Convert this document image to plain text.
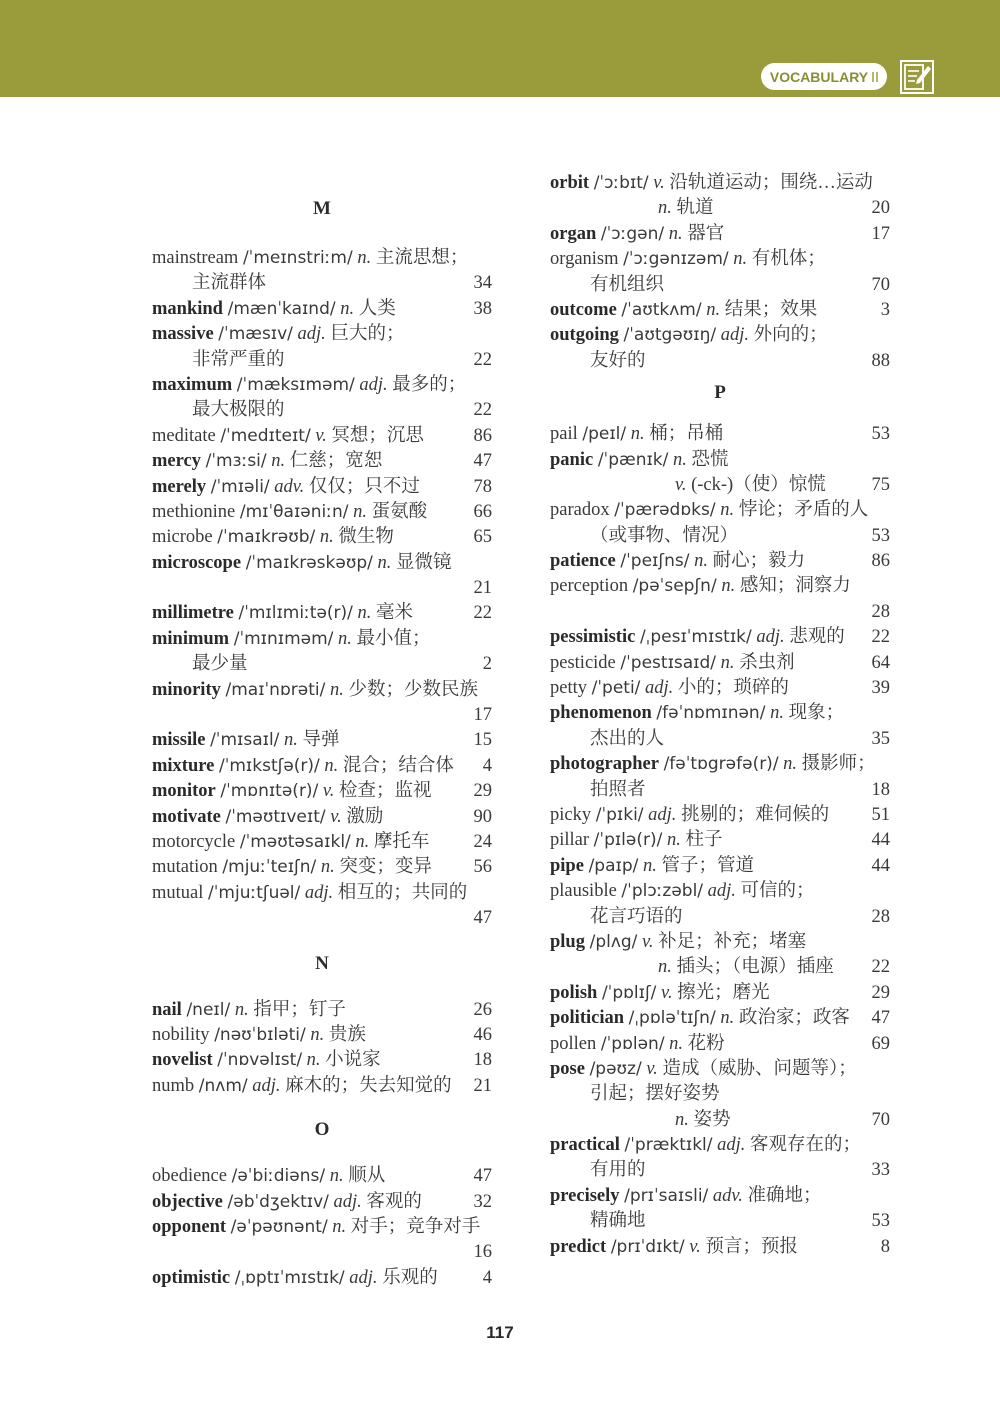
VOCABULARY
M
mainstream /ˈmeɪnstriːm/ n. 主流思想；
主流群体	34
mankind /mænˈkaɪnd/ n. 人类	38
massive /ˈmæsɪv/ adj. 巨大的；
非常严重的	22
maximum /ˈmæksɪməm/ adj. 最多的；
最大极限的	22
meditate /ˈmedɪteɪt/ v. 冥想；沉思	86
mercy /ˈmɜːsi/ n. 仁慈；宽恕	47
merely /ˈmɪəli/ adv. 仅仅；只不过	78
methionine /mɪˈθaɪəniːn/ n. 蛋氨酸	66
microbe /ˈmaɪkrəʊb/ n. 微生物	65
microscope /ˈmaɪkrəskəʊp/ n. 显微镜
21
millimetre /ˈmɪlɪmiːtə(r)/ n. 毫米	22
minimum /ˈmɪnɪməm/ n. 最小值；
最少量	2
minority /maɪˈnɒrəti/ n. 少数；少数民族
17
missile /ˈmɪsaɪl/ n. 导弹	15
mixture /ˈmɪkstʃə(r)/ n. 混合；结合体 4
monitor /ˈmɒnɪtə(r)/ v. 检查；监视 29
motivate /ˈməʊtɪveɪt/ v. 激励	90
motorcycle /ˈməʊtəsaɪkl/ n. 摩托车 24
mutation /mjuːˈteɪʃn/ n. 突变；变异 56
mutual /ˈmjuːtʃuəl/ adj. 相互的；共同的
47
N
nail /neɪl/ n. 指甲；钉子	26
nobility /nəʊˈbɪləti/ n. 贵族	46
novelist /ˈnɒvəlɪst/ n. 小说家	18
numb /nʌm/ adj. 麻木的；失去知觉的 21
O
obedience /əˈbiːdiəns/ n. 顺从	47
objective /əbˈdʒektɪv/ adj. 客观的	32
opponent /əˈpəʊnənt/ n. 对手；竞争对手
16
optimistic /ˌɒptɪˈmɪstɪk/ adj. 乐观的 4
orbit /ˈɔːbɪt/ v. 沿轨道运动；围绕…运动
n. 轨道	20
organ /ˈɔːgən/ n. 器官	17
organism /ˈɔːgənɪzəm/ n. 有机体；
有机组织	70
outcome /ˈaʊtkʌm/ n. 结果；效果	3
outgoing /ˈaʊtgəʊɪŋ/ adj. 外向的；
友好的	88
P
pail /peɪl/ n. 桶；吊桶	53
panic /ˈpænɪk/ n. 恐慌
v. (-ck-)（使）惊慌 75
paradox /ˈpærədɒks/ n. 悖论；矛盾的人
（或事物、情况）	53
patience /ˈpeɪʃns/ n. 耐心；毅力	86
perception /pəˈsepʃn/ n. 感知；洞察力
28
pessimistic /ˌpesɪˈmɪstɪk/ adj. 悲观的 22
pesticide /ˈpestɪsaɪd/ n. 杀虫剂	64
petty /ˈpeti/ adj. 小的；琐碎的	39
phenomenon /fəˈnɒmɪnən/ n. 现象；
杰出的人	35
photographer /fəˈtɒgrəfə(r)/ n. 摄影师；
拍照者	18
picky /ˈpɪki/ adj. 挑剔的；难伺候的 51
pillar /ˈpɪlə(r)/ n. 柱子	44
pipe /paɪp/ n. 管子；管道	44
plausible /ˈplɔːzəbl/ adj. 可信的；
花言巧语的	28
plug /plʌg/ v. 补足；补充；堵塞
n. 插头；（电源）插座 22
polish /ˈpɒlɪʃ/ v. 擦光；磨光	29
politician /ˌpɒləˈtɪʃn/ n. 政治家；政客 47
pollen /ˈpɒlən/ n. 花粉	69
pose /pəʊz/ v. 造成（威胁、问题等）；
引起；摆好姿势
n. 姿势	70
practical /ˈpræktɪkl/ adj. 客观存在的；
有用的	33
precisely /prɪˈsaɪsli/ adv. 准确地；
精确地	53
predict /prɪˈdɪkt/ v. 预言；预报	8
117
